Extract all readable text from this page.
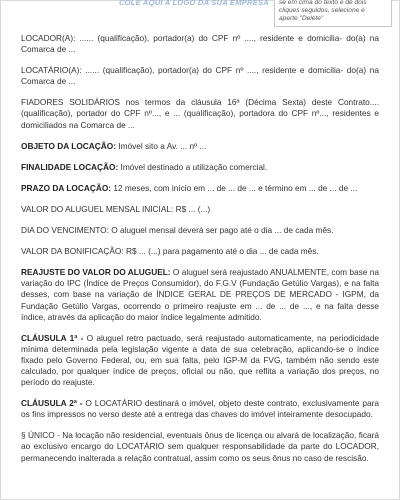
COLE AQUI A LOGO DA SUA EMPRESA se em cima do texto e dê dois
cliques seguidos, selecione e
aperte "Delete"

LOCADOR(A): ...... (qualificação), portador(a) do CPF nº ...., residente e domicilia- do(a) na Comarca de ...

LOCATÁRIO(A): ...... (qualificação), portador(a) do CPF nº ...., residente e domicilia- do(a) na Comarca de ...

FIADORES SOLIDÁRIOS nos termos da cláusula 16ª (Décima Sexta) deste Contrato.... (qualificação), portador do CPF nº..., e ... (qualificação), portadora do CPF nº..., residentes e domiciliados na Comarca de ...

OBJETO DA LOCAÇÃO: Imóvel sito a Av. ... nº ...

FINALIDADE LOCAÇÃO: Imóvel destinado a utilização comercial.

PRAZO DA LOCAÇÃO: 12 meses, com início em ... de ... de ... e término em ... de ... de ...

VALOR DO ALUGUEL MENSAL INICIAL: R$ ... (...)

DIA DO VENCIMENTO: O aluguel mensal deverá ser pago até o dia ... de cada mês.

VALOR DA BONIFICAÇÃO: R$ ... (...) para pagamento até o dia ... de cada mês.

REAJUSTE DO VALOR DO ALUGUEL: O aluguel será reajustado ANUALMENTE, com base na variação do IPC (Índice de Preços Consumidor), do F.G.V (Fundação Getúlio Vargas), e na falta desses, com base na variação de ÍNDICE GERAL DE PREÇOS DE MERCADO - IGPM, da Fundação Getúlio Vargas, ocorrendo o primeiro reajuste em ... de ... de ..., e na falta desse índice, através da aplicação do maior índice legalmente admitido.

CLÁUSULA 1ª - O aluguel retro pactuado, será reajustado automaticamente, na periodicidade mínima determinada pela legislação vigente a data de sua celebração, aplicando-se o índice fixado pelo Governo Federal, ou, em sua falta, pelo IGP-M da FVG, também não sendo este calculado, por qualquer índice de preços, oficial ou não, que reflita a variação dos preços, no período do reajuste.

CLÁUSULA 2ª - O LOCATÁRIO destinará o imóvel, objeto deste contrato, exclusivamente para os fins impressos no verso deste até a entrega das chaves do imóvel inteiramente desocupado.

§ ÚNICO - Na locação não residencial, eventuais ônus de licença ou alvará de localização, ficará ao exclusivo encargo do LOCATÁRIO sem qualquer responsabilidade da parte do LOCADOR, permanecendo inalterada a relação contratual, assim como os seus ônus no caso de rescisão.
